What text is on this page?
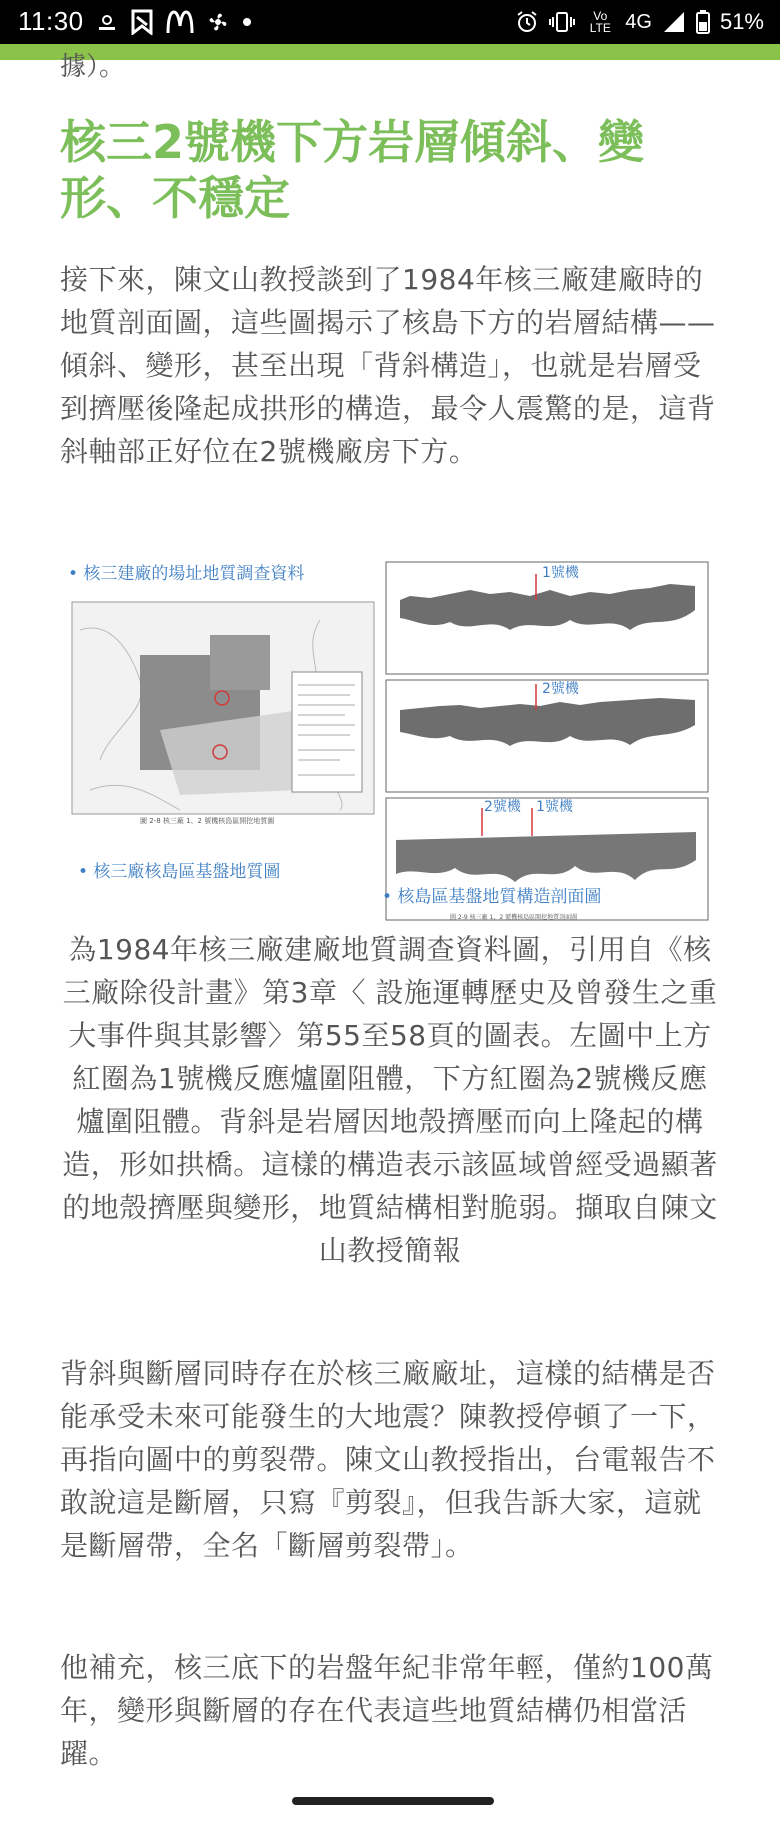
11:30	Vo LTE 4G	51%
據）。
核三2號機下方岩層傾斜、變形、不穩定

接下來，陳文山教授談到了1984年核三廠建廠時的地質剖面圖，這些圖揭示了核島下方的岩層結構——傾斜、變形，甚至出現「背斜構造」，也就是岩層受到擠壓後隆起成拱形的構造，最令人震驚的是，這背斜軸部正好位在2號機廠房下方。

• 核三建廠的場址地質調查資料
• 核三廠核島區基盤地質圖
• 核島區基盤地質構造剖面圖
1號機
2號機
2號機 1號機
圖 2-8 核三廠 1、2 號機核島區開挖地質圖
圖 2-9 核三廠 1、2 號機核島區開挖地質剖面圖

為1984年核三廠建廠地質調查資料圖，引用自《核三廠除役計畫》第3章〈 設施運轉歷史及曾發生之重大事件與其影響〉第55至58頁的圖表。左圖中上方紅圈為1號機反應爐圍阻體，下方紅圈為2號機反應爐圍阻體。背斜是岩層因地殼擠壓而向上隆起的構造，形如拱橋。這樣的構造表示該區域曾經受過顯著的地殼擠壓與變形，地質結構相對脆弱。擷取自陳文山教授簡報

背斜與斷層同時存在於核三廠廠址，這樣的結構是否能承受未來可能發生的大地震？陳教授停頓了一下，再指向圖中的剪裂帶。陳文山教授指出，台電報告不敢說這是斷層，只寫『剪裂』，但我告訴大家，這就是斷層帶，全名「斷層剪裂帶」。

他補充，核三底下的岩盤年紀非常年輕，僅約100萬年，變形與斷層的存在代表這些地質結構仍相當活躍。
